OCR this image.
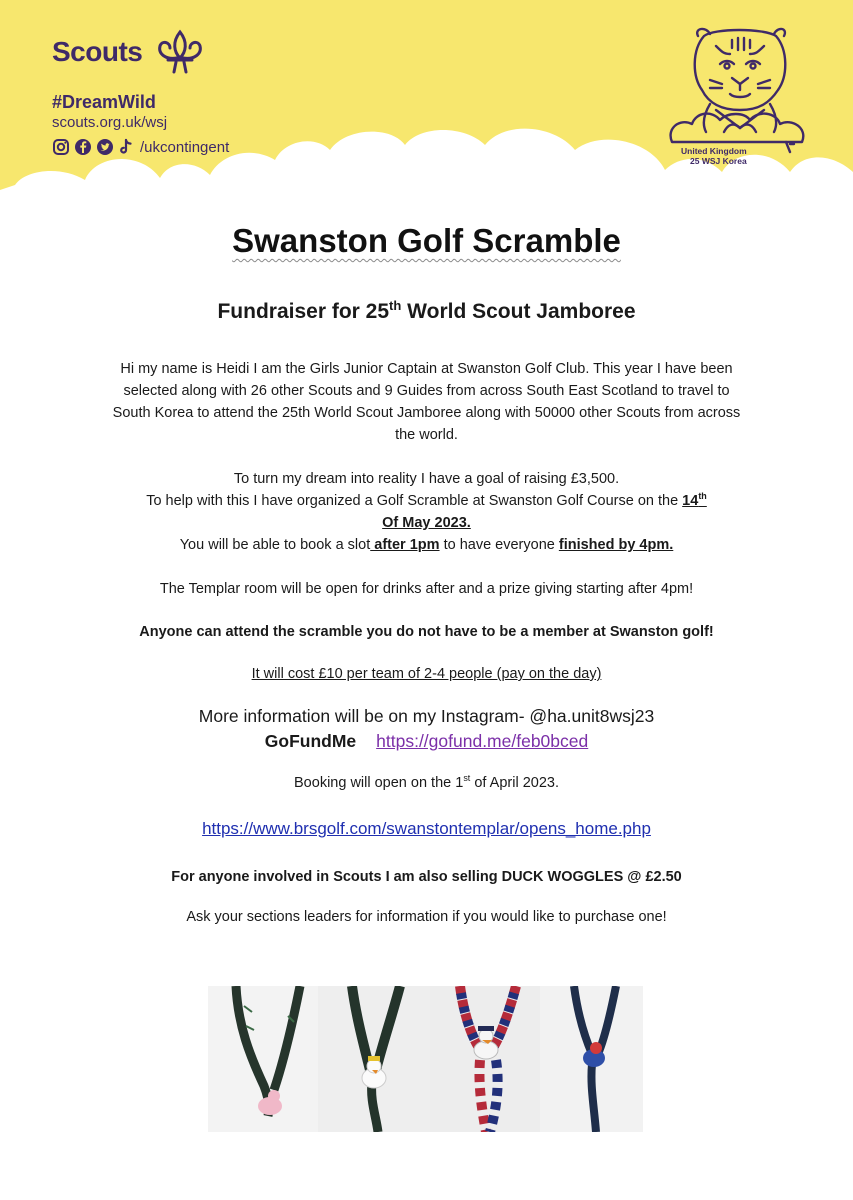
Scouts
#DreamWild
scouts.org.uk/wsj
/ukcontingent	United Kingdom
25 WSJ Korea
Swanston Golf Scramble
Fundraiser for 25th World Scout Jamboree
Hi my name is Heidi I am the Girls Junior Captain at Swanston Golf Club. This year I have been selected along with 26 other Scouts and 9 Guides from across South East Scotland to travel to South Korea to attend the 25th World Scout Jamboree along with 50000 other Scouts from across the world.
To turn my dream into reality I have a goal of raising £3,500.
To help with this I have organized a Golf Scramble at Swanston Golf Course on the 14th
Of May 2023.
You will be able to book a slot after 1pm to have everyone finished by 4pm.
The Templar room will be open for drinks after and a prize giving starting after 4pm!
Anyone can attend the scramble you do not have to be a member at Swanston golf!
It will cost £10 per team of 2-4 people (pay on the day)
More information will be on my Instagram- @ha.unit8wsj23
GoFundMe https://gofund.me/feb0bced
Booking will open on the 1st of April 2023.
https://www.brsgolf.com/swanstontemplar/opens_home.php
For anyone involved in Scouts I am also selling DUCK WOGGLES @ £2.50
Ask your sections leaders for information if you would like to purchase one!
